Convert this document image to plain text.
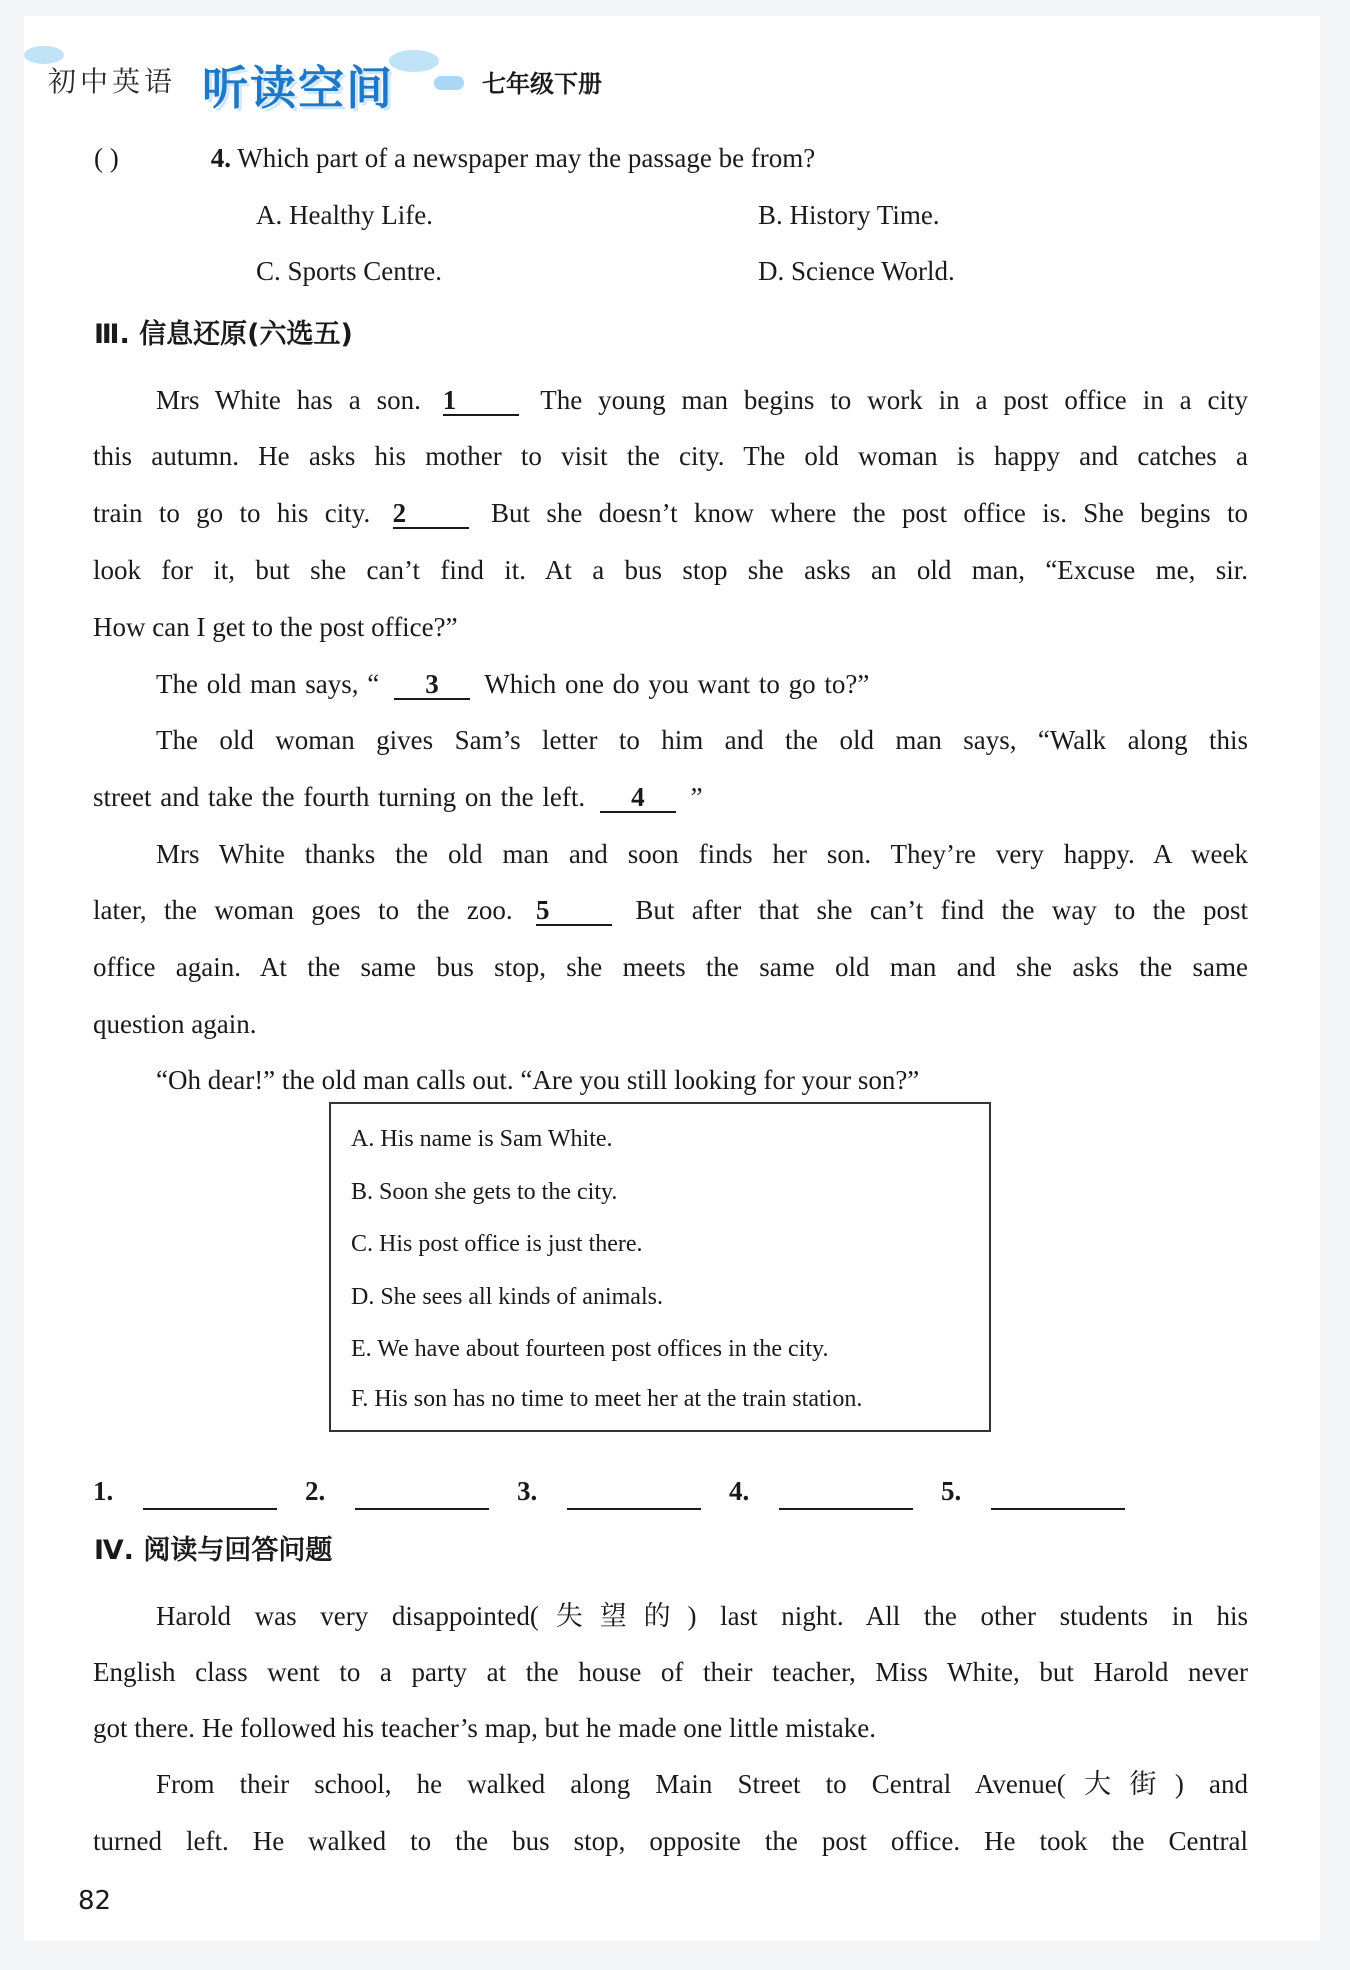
初中英语 听读空间	七年级下册
( )	4. Which part of a newspaper may the passage be from?
A. Healthy Life.	B. History Time.
C. Sports Centre.	D. Science World.
Ⅲ. 信息还原(六选五)
Mrs White has a son. 1	The young man begins to work in a post office in a city
this autumn. He asks his mother to visit the city. The old woman is happy and catches a
train to go to his city. 2	But she doesn’t know where the post office is. She begins to
look for it, but she can’t find it. At a bus stop she asks an old man, “Excuse me, sir.
How can I get to the post office?”
The old man says, “ 3 Which one do you want to go to?”
The old woman gives Sam’s letter to him and the old man says, “Walk along this
street and take the fourth turning on the left. 4 ”
Mrs White thanks the old man and soon finds her son. They’re very happy. A week
later, the woman goes to the zoo. 5	But after that she can’t find the way to the post
office again. At the same bus stop, she meets the same old man and she asks the same
question again.
“Oh dear!” the old man calls out. “Are you still looking for your son?”
A. His name is Sam White.
B. Soon she gets to the city.
C. His post office is just there.
D. She sees all kinds of animals.
E. We have about fourteen post offices in the city.
F. His son has no time to meet her at the train station.
1.	2.	3.	4.	5.
Ⅳ. 阅读与回答问题
Harold was very disappointed(失望的) last night. All the other students in his
English class went to a party at the house of their teacher, Miss White, but Harold never
got there. He followed his teacher’s map, but he made one little mistake.
From their school, he walked along Main Street to Central Avenue(大街) and
turned left. He walked to the bus stop, opposite the post office. He took the Central
82
